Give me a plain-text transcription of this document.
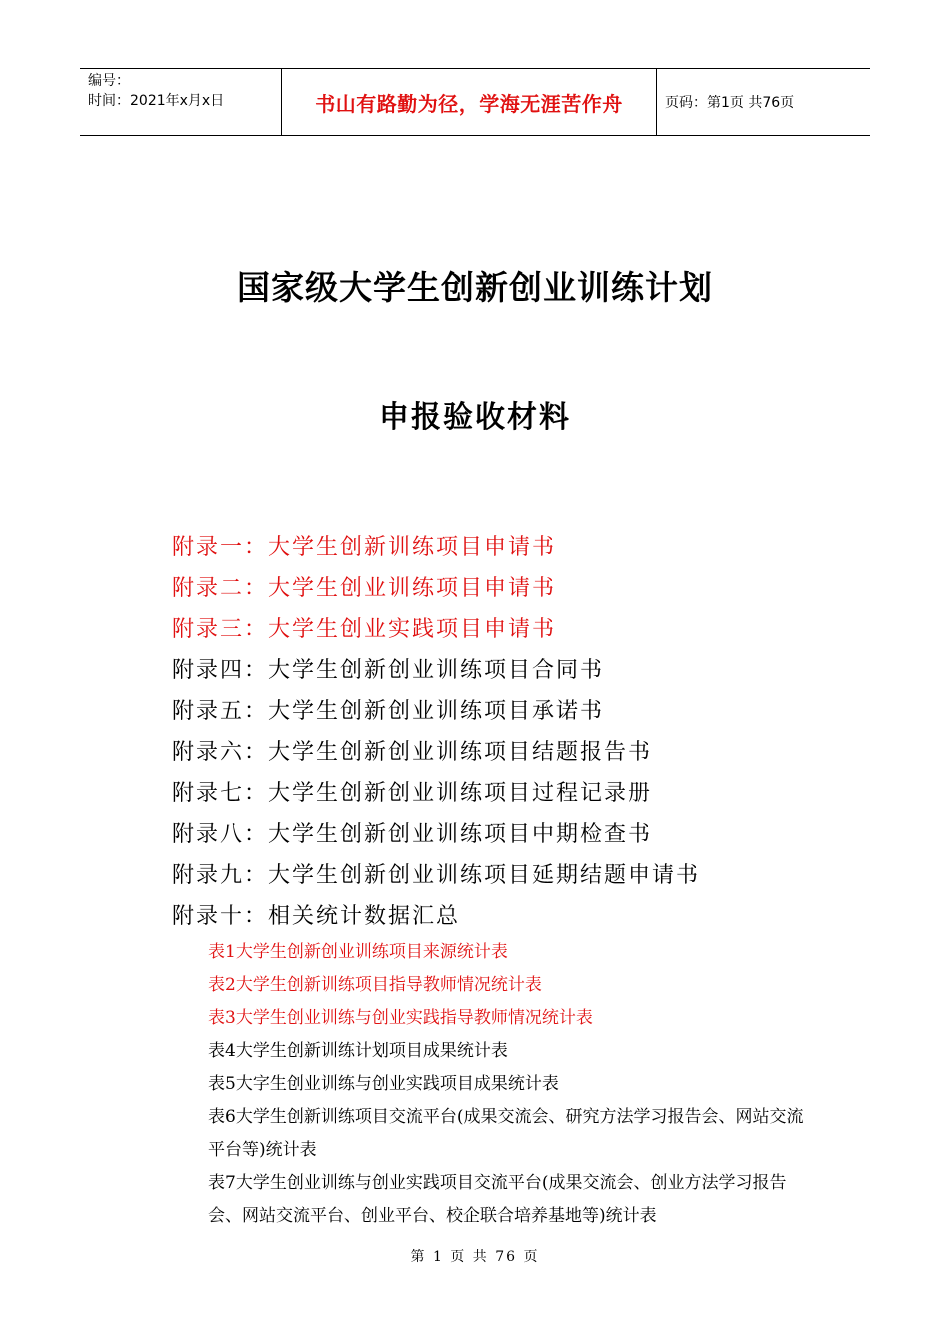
编号：
时间：2021年x月x日	书山有路勤为径，学海无涯苦作舟	页码：第1页 共76页
国家级大学生创新创业训练计划
申报验收材料
附录一：大学生创新训练项目申请书
附录二：大学生创业训练项目申请书
附录三：大学生创业实践项目申请书
附录四：大学生创新创业训练项目合同书
附录五：大学生创新创业训练项目承诺书
附录六：大学生创新创业训练项目结题报告书
附录七：大学生创新创业训练项目过程记录册
附录八：大学生创新创业训练项目中期检查书
附录九：大学生创新创业训练项目延期结题申请书
附录十：相关统计数据汇总
表1大学生创新创业训练项目来源统计表
表2大学生创新训练项目指导教师情况统计表
表3大学生创业训练与创业实践指导教师情况统计表
表4大学生创新训练计划项目成果统计表
表5大字生创业训练与创业实践项目成果统计表
表6大学生创新训练项目交流平台(成果交流会、研究方法学习报告会、网站交流平台等)统计表
表7大学生创业训练与创业实践项目交流平台(成果交流会、创业方法学习报告会、网站交流平台、创业平台、校企联合培养基地等)统计表
第 1 页 共 76 页
